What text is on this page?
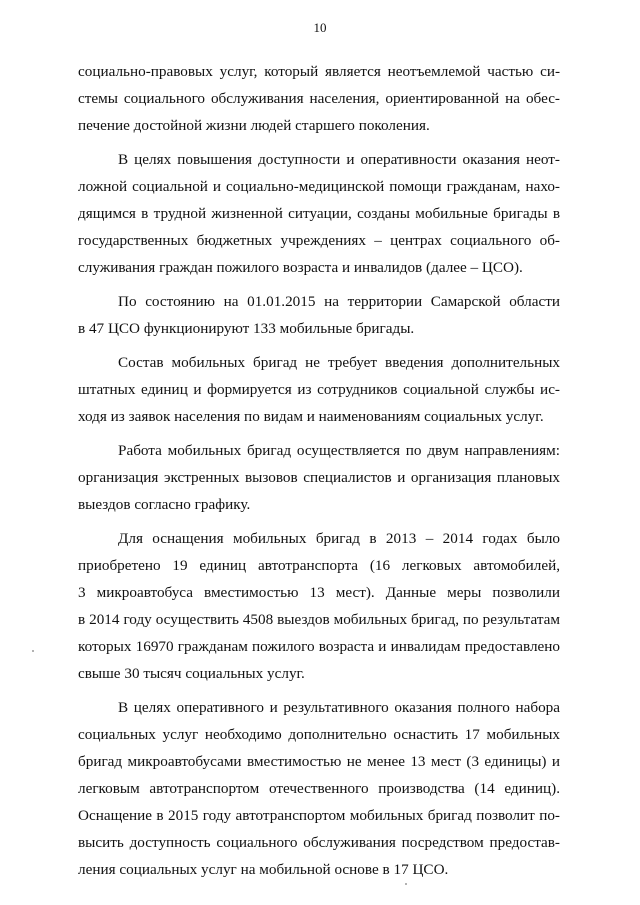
10
социально-правовых услуг, который является неотъемлемой частью си-
стемы социального обслуживания населения, ориентированной на обес-
печение достойной жизни людей старшего поколения.
В целях повышения доступности и оперативности оказания неот-
ложной социальной и социально-медицинской помощи гражданам, нахо-
дящимся в трудной жизненной ситуации, созданы мобильные бригады в
государственных бюджетных учреждениях – центрах социального об-
служивания граждан пожилого возраста и инвалидов (далее – ЦСО).
По состоянию на 01.01.2015 на территории Самарской области
в 47 ЦСО функционируют 133 мобильные бригады.
Состав мобильных бригад не требует введения дополнительных
штатных единиц и формируется из сотрудников социальной службы ис-
ходя из заявок населения по видам и наименованиям социальных услуг.
Работа мобильных бригад осуществляется по двум направлениям:
организация экстренных вызовов специалистов и организация плановых
выездов согласно графику.
Для оснащения мобильных бригад в 2013 – 2014 годах было
приобретено 19 единиц автотранспорта (16 легковых автомобилей,
3 микроавтобуса вместимостью 13 мест). Данные меры позволили
в 2014 году осуществить 4508 выездов мобильных бригад, по результатам
которых 16970 гражданам пожилого возраста и инвалидам предоставлено
свыше 30 тысяч социальных услуг.
В целях оперативного и результативного оказания полного набора
социальных услуг необходимо дополнительно оснастить 17 мобильных
бригад микроавтобусами вместимостью не менее 13 мест (3 единицы) и
легковым автотранспортом отечественного производства (14 единиц).
Оснащение в 2015 году автотранспортом мобильных бригад позволит по-
высить доступность социального обслуживания посредством предостав-
ления социальных услуг на мобильной основе в 17 ЦСО.
